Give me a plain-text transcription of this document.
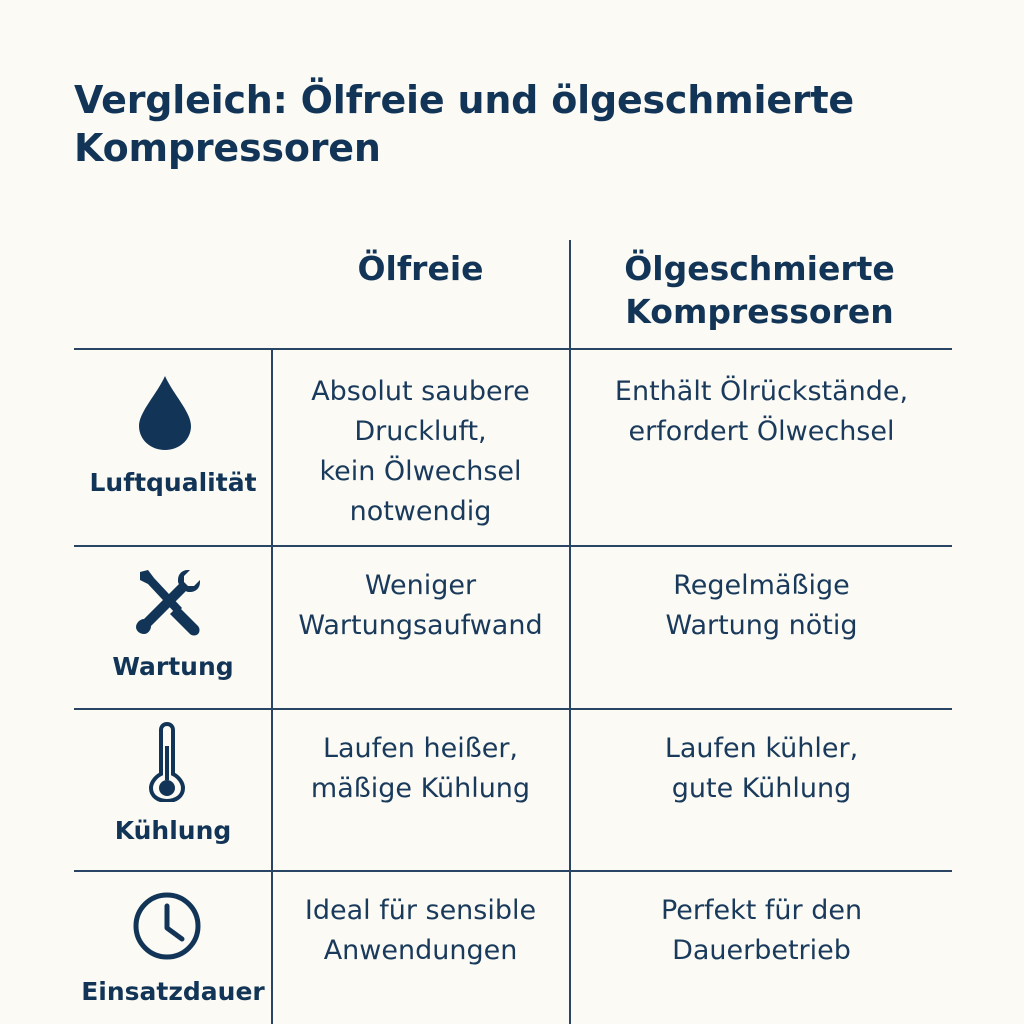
Vergleich: Ölfreie und ölgeschmierte Kompressoren
Ölfreie	Ölgeschmierte
Kompressoren
Luftqualität
Absolut saubere
Druckluft,
kein Ölwechsel
notwendig
Enthält Ölrückstände,
erfordert Ölwechsel
Wartung
Weniger
Wartungsaufwand
Regelmäßige
Wartung nötig
Kühlung
Laufen heißer,
mäßige Kühlung
Laufen kühler,
gute Kühlung
Einsatzdauer
Ideal für sensible
Anwendungen
Perfekt für den
Dauerbetrieb
